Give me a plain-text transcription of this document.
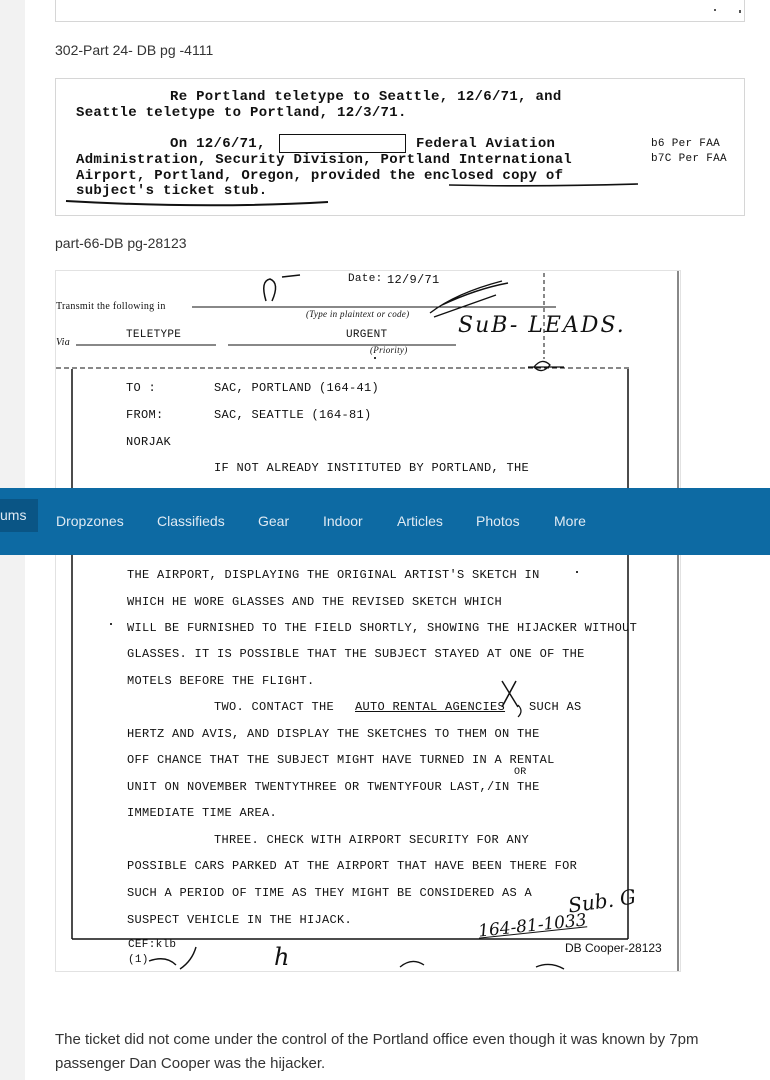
302-Part 24- DB pg -4111
Re Portland teletype to Seattle, 12/6/71, and
Seattle teletype to Portland, 12/3/71.
On 12/6/71,	Federal Aviation
Administration, Security Division, Portland International
Airport, Portland, Oregon, provided the enclosed copy of
subject's ticket stub.
b6 Per FAA
b7C Per FAA
part-66-DB pg-28123
Date: 12/9/71
Transmit the following in
(Type in plaintext or code)
Via
TELETYPE	URGENT
(Priority)
TO :	SAC, PORTLAND (164-41)
FROM:	SAC, SEATTLE (164-81)
NORJAK
IF NOT ALREADY INSTITUTED BY PORTLAND, THE
THE AIRPORT, DISPLAYING THE ORIGINAL ARTIST'S SKETCH IN
WHICH HE WORE GLASSES AND THE REVISED SKETCH WHICH
WILL BE FURNISHED TO THE FIELD SHORTLY, SHOWING THE HIJACKER WITHOUT
GLASSES. IT IS POSSIBLE THAT THE SUBJECT STAYED AT ONE OF THE
MOTELS BEFORE THE FLIGHT.
TWO. CONTACT THE AUTO RENTAL AGENCIES SUCH AS
HERTZ AND AVIS, AND DISPLAY THE SKETCHES TO THEM ON THE
OFF CHANCE THAT THE SUBJECT MIGHT HAVE TURNED IN A RENTAL
OR
UNIT ON NOVEMBER TWENTYTHREE OR TWENTYFOUR LAST,/IN THE
IMMEDIATE TIME AREA.
THREE. CHECK WITH AIRPORT SECURITY FOR ANY
POSSIBLE CARS PARKED AT THE AIRPORT THAT HAVE BEEN THERE FOR
SUCH A PERIOD OF TIME AS THEY MIGHT BE CONSIDERED AS A
SUSPECT VEHICLE IN THE HIJACK.
CEF:klb
(1)
DB Cooper-28123
SuB- LEADS.
Sub. G
164-81-1033
h
ums	Dropzones Classifieds Gear Indoor Articles Photos More
The ticket did not come under the control of the Portland office even though it was known by 7pm passenger Dan Cooper was the hijacker.
